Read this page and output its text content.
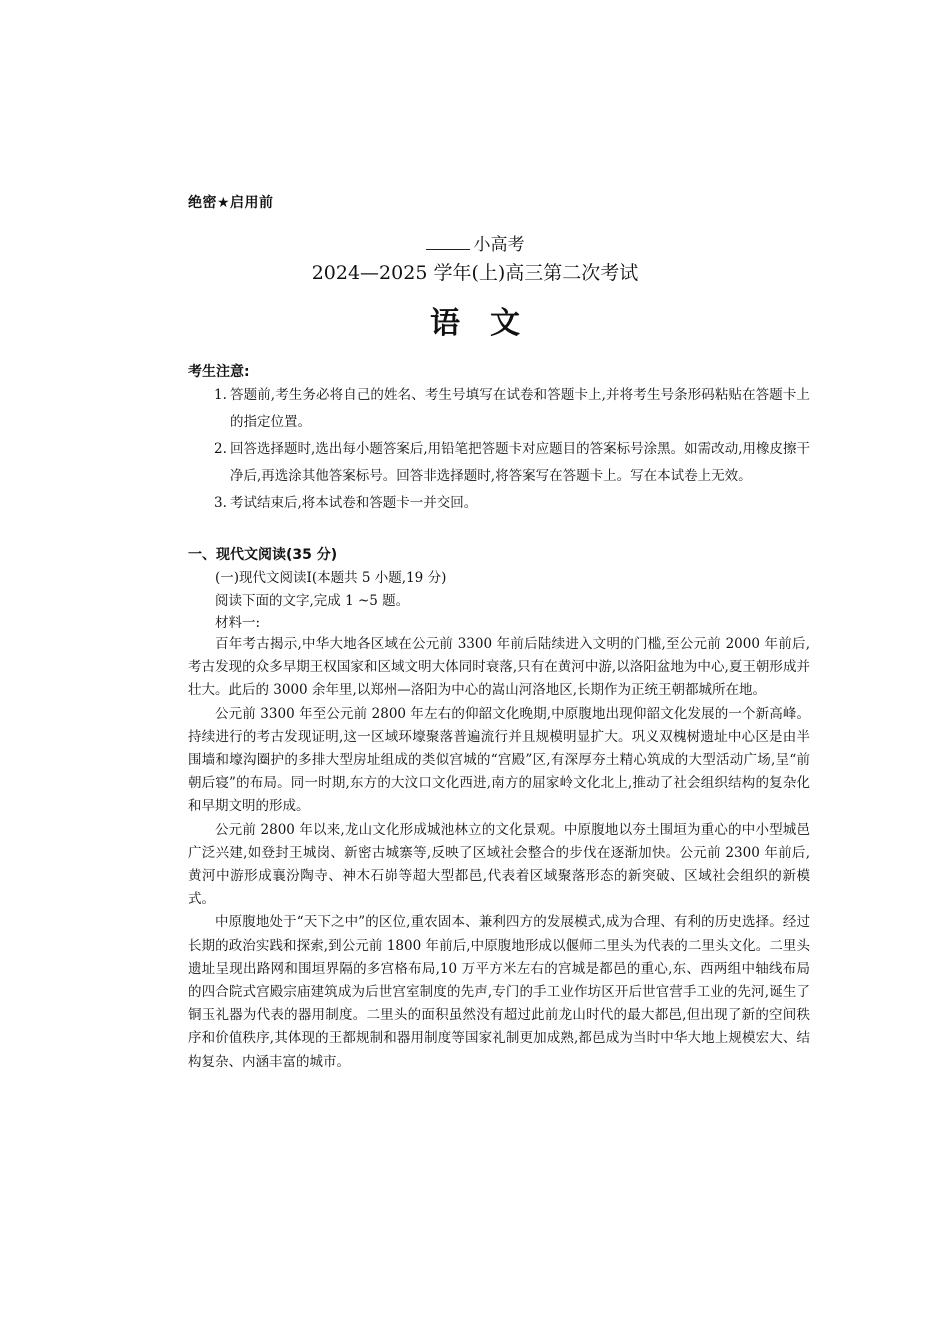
绝密★启用前
小高考
2024—2025 学年(上)高三第二次考试
语文
考生注意:
1. 答题前,考生务必将自己的姓名、考生号填写在试卷和答题卡上,并将考生号条形码粘贴在答题卡上的指定位置。
2. 回答选择题时,选出每小题答案后,用铅笔把答题卡对应题目的答案标号涂黑。如需改动,用橡皮擦干净后,再选涂其他答案标号。回答非选择题时,将答案写在答题卡上。写在本试卷上无效。
3. 考试结束后,将本试卷和答题卡一并交回。
一、现代文阅读(35 分)
(一)现代文阅读Ⅰ(本题共 5 小题,19 分)
阅读下面的文字,完成 1 ~5 题。
材料一:

百年考古揭示,中华大地各区域在公元前 3300 年前后陆续进入文明的门槛,至公元前 2000 年前后,考古发现的众多早期王权国家和区域文明大体同时衰落,只有在黄河中游,以洛阳盆地为中心,夏王朝形成并壮大。此后的 3000 余年里,以郑州—洛阳为中心的嵩山河洛地区,长期作为正统王朝都城所在地。

公元前 3300 年至公元前 2800 年左右的仰韶文化晚期,中原腹地出现仰韶文化发展的一个新高峰。持续进行的考古发现证明,这一区域环壕聚落普遍流行并且规模明显扩大。巩义双槐树遗址中心区是由半围墙和壕沟圈护的多排大型房址组成的类似宫城的“宫殿”区,有深厚夯土精心筑成的大型活动广场,呈“前朝后寝”的布局。同一时期,东方的大汶口文化西进,南方的屈家岭文化北上,推动了社会组织结构的复杂化和早期文明的形成。

公元前 2800 年以来,龙山文化形成城池林立的文化景观。中原腹地以夯土围垣为重心的中小型城邑广泛兴建,如登封王城岗、新密古城寨等,反映了区域社会整合的步伐在逐渐加快。公元前 2300 年前后,黄河中游形成襄汾陶寺、神木石峁等超大型都邑,代表着区域聚落形态的新突破、区域社会组织的新模式。

中原腹地处于“天下之中”的区位,重农固本、兼利四方的发展模式,成为合理、有利的历史选择。经过长期的政治实践和探索,到公元前 1800 年前后,中原腹地形成以偃师二里头为代表的二里头文化。二里头遗址呈现出路网和围垣界隔的多宫格布局,10 万平方米左右的宫城是都邑的重心,东、西两组中轴线布局的四合院式宫殿宗庙建筑成为后世宫室制度的先声,专门的手工业作坊区开后世官营手工业的先河,诞生了铜玉礼器为代表的器用制度。二里头的面积虽然没有超过此前龙山时代的最大都邑,但出现了新的空间秩序和价值秩序,其体现的王都规制和器用制度等国家礼制更加成熟,都邑成为当时中华大地上规模宏大、结构复杂、内涵丰富的城市。
